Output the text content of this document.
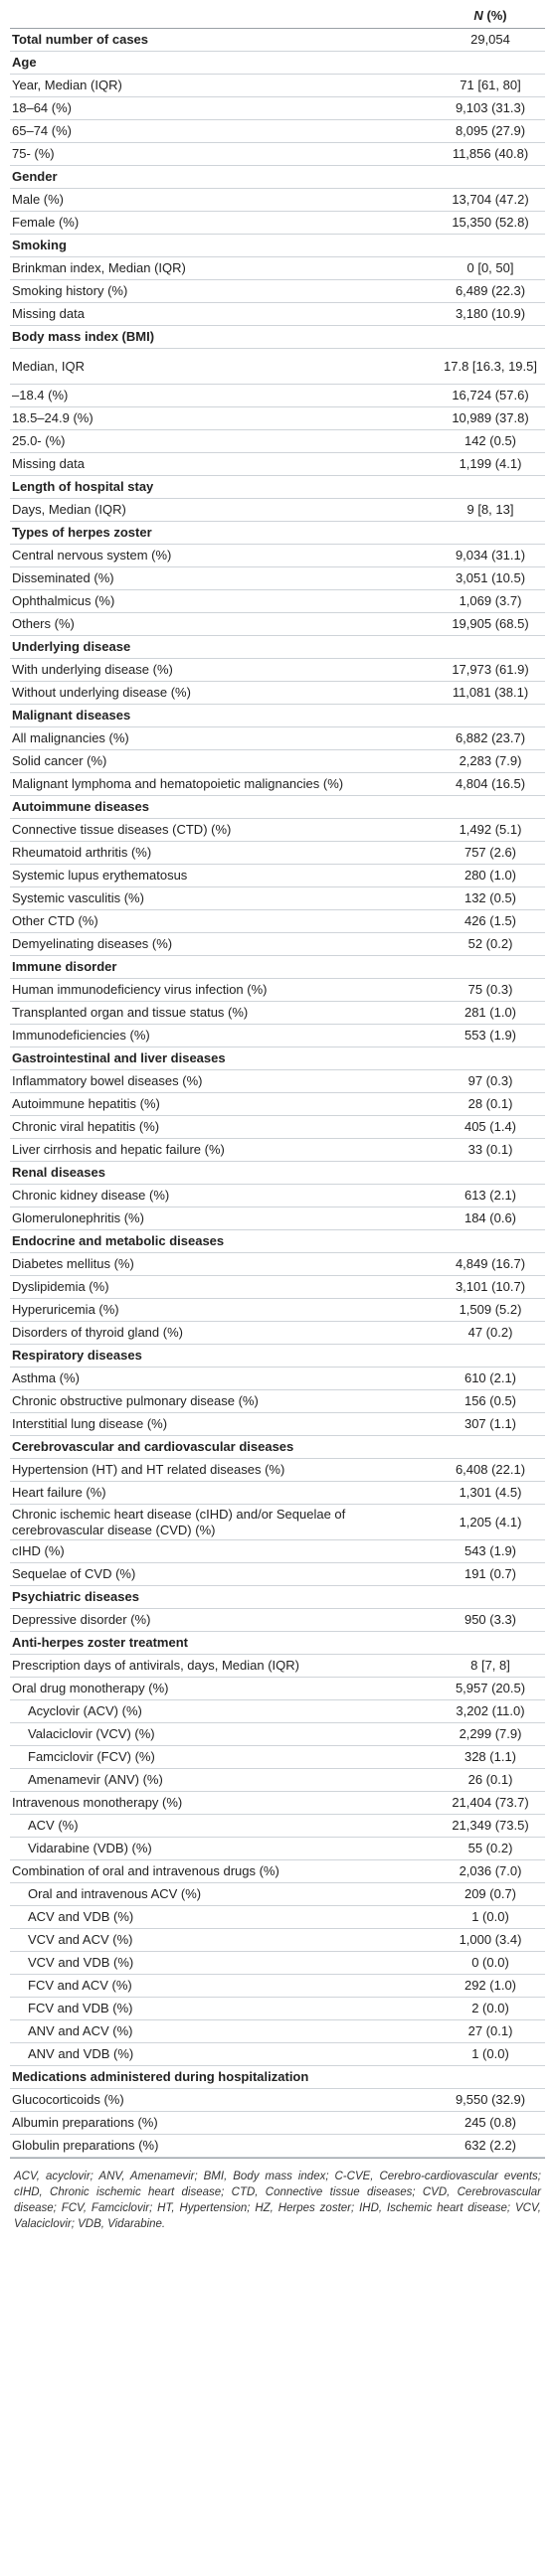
	N (%)
Total number of cases	29,054
Age	
Year, Median (IQR)	71 [61, 80]
18–64 (%)	9,103 (31.3)
65–74 (%)	8,095 (27.9)
75- (%)	11,856 (40.8)
Gender	
Male (%)	13,704 (47.2)
Female (%)	15,350 (52.8)
Smoking	
Brinkman index, Median (IQR)	0 [0, 50]
Smoking history (%)	6,489 (22.3)
Missing data	3,180 (10.9)
Body mass index (BMI)	
Median, IQR	17.8 [16.3, 19.5]
–18.4 (%)	16,724 (57.6)
18.5–24.9 (%)	10,989 (37.8)
25.0- (%)	142 (0.5)
Missing data	1,199 (4.1)
Length of hospital stay	
Days, Median (IQR)	9 [8, 13]
Types of herpes zoster	
Central nervous system (%)	9,034 (31.1)
Disseminated (%)	3,051 (10.5)
Ophthalmicus (%)	1,069 (3.7)
Others (%)	19,905 (68.5)
Underlying disease	
With underlying disease (%)	17,973 (61.9)
Without underlying disease (%)	11,081 (38.1)
Malignant diseases	
All malignancies (%)	6,882 (23.7)
Solid cancer (%)	2,283 (7.9)
Malignant lymphoma and hematopoietic malignancies (%)	4,804 (16.5)
Autoimmune diseases	
Connective tissue diseases (CTD) (%)	1,492 (5.1)
Rheumatoid arthritis (%)	757 (2.6)
Systemic lupus erythematosus	280 (1.0)
Systemic vasculitis (%)	132 (0.5)
Other CTD (%)	426 (1.5)
Demyelinating diseases (%)	52 (0.2)
Immune disorder	
Human immunodeficiency virus infection (%)	75 (0.3)
Transplanted organ and tissue status (%)	281 (1.0)
Immunodeficiencies (%)	553 (1.9)
Gastrointestinal and liver diseases	
Inflammatory bowel diseases (%)	97 (0.3)
Autoimmune hepatitis (%)	28 (0.1)
Chronic viral hepatitis (%)	405 (1.4)
Liver cirrhosis and hepatic failure (%)	33 (0.1)
Renal diseases	
Chronic kidney disease (%)	613 (2.1)
Glomerulonephritis (%)	184 (0.6)
Endocrine and metabolic diseases	
Diabetes mellitus (%)	4,849 (16.7)
Dyslipidemia (%)	3,101 (10.7)
Hyperuricemia (%)	1,509 (5.2)
Disorders of thyroid gland (%)	47 (0.2)
Respiratory diseases	
Asthma (%)	610 (2.1)
Chronic obstructive pulmonary disease (%)	156 (0.5)
Interstitial lung disease (%)	307 (1.1)
Cerebrovascular and cardiovascular diseases	
Hypertension (HT) and HT related diseases (%)	6,408 (22.1)
Heart failure (%)	1,301 (4.5)
Chronic ischemic heart disease (cIHD) and/or Sequelae of cerebrovascular disease (CVD) (%)	1,205 (4.1)
cIHD (%)	543 (1.9)
Sequelae of CVD (%)	191 (0.7)
Psychiatric diseases	
Depressive disorder (%)	950 (3.3)
Anti-herpes zoster treatment	
Prescription days of antivirals, days, Median (IQR)	8 [7, 8]
Oral drug monotherapy (%)	5,957 (20.5)
Acyclovir (ACV) (%)	3,202 (11.0)
Valaciclovir (VCV) (%)	2,299 (7.9)
Famciclovir (FCV) (%)	328 (1.1)
Amenamevir (ANV) (%)	26 (0.1)
Intravenous monotherapy (%)	21,404 (73.7)
ACV (%)	21,349 (73.5)
Vidarabine (VDB) (%)	55 (0.2)
Combination of oral and intravenous drugs (%)	2,036 (7.0)
Oral and intravenous ACV (%)	209 (0.7)
ACV and VDB (%)	1 (0.0)
VCV and ACV (%)	1,000 (3.4)
VCV and VDB (%)	0 (0.0)
FCV and ACV (%)	292 (1.0)
FCV and VDB (%)	2 (0.0)
ANV and ACV (%)	27 (0.1)
ANV and VDB (%)	1 (0.0)
Medications administered during hospitalization	
Glucocorticoids (%)	9,550 (32.9)
Albumin preparations (%)	245 (0.8)
Globulin preparations (%)	632 (2.2)
ACV, acyclovir; ANV, Amenamevir; BMI, Body mass index; C-CVE, Cerebro-cardiovascular events; cIHD, Chronic ischemic heart disease; CTD, Connective tissue diseases; CVD, Cerebrovascular disease; FCV, Famciclovir; HT, Hypertension; HZ, Herpes zoster; IHD, Ischemic heart disease; VCV, Valaciclovir; VDB, Vidarabine.
